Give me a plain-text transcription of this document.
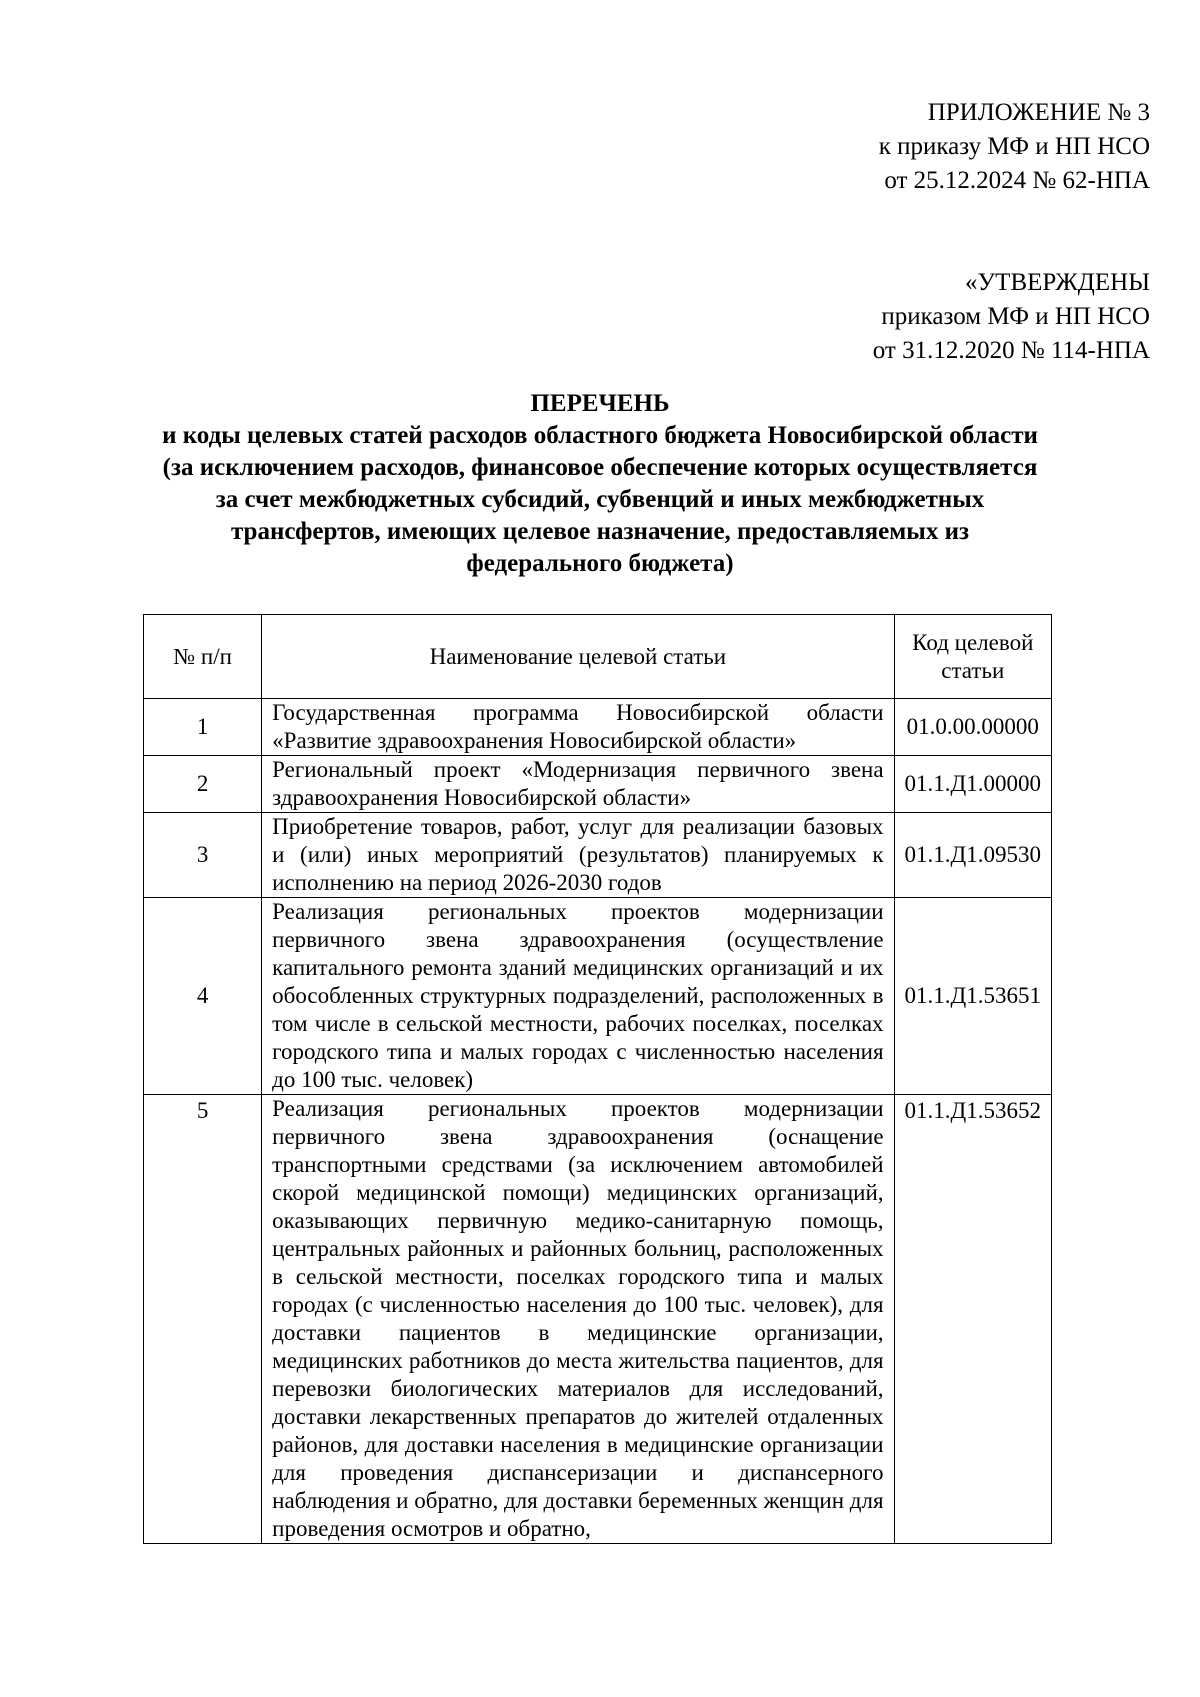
ПРИЛОЖЕНИЕ № 3
к приказу МФ и НП НСО
от 25.12.2024 № 62-НПА
«УТВЕРЖДЕНЫ
приказом МФ и НП НСО
от 31.12.2020 № 114-НПА
ПЕРЕЧЕНЬ
и коды целевых статей расходов областного бюджета Новосибирской области
(за исключением расходов, финансовое обеспечение которых осуществляется
за счет межбюджетных субсидий, субвенций и иных межбюджетных
трансфертов, имеющих целевое назначение, предоставляемых из
федерального бюджета)
№ п/п	Наименование целевой статьи	Код целевой статьи
1	Государственная программа Новосибирской области «Развитие здравоохранения Новосибирской области»	01.0.00.00000
2	Региональный проект «Модернизация первичного звена здравоохранения Новосибирской области»	01.1.Д1.00000
3	Приобретение товаров, работ, услуг для реализации базовых и (или) иных мероприятий (результатов) планируемых к исполнению на период 2026-2030 годов	01.1.Д1.09530
4	Реализация региональных проектов модернизации первичного звена здравоохранения (осуществление капитального ремонта зданий медицинских организаций и их обособленных структурных подразделений, расположенных в том числе в сельской местности, рабочих поселках, поселках городского типа и малых городах с численностью населения до 100 тыс. человек)	01.1.Д1.53651
5	Реализация региональных проектов модернизации первичного звена здравоохранения (оснащение транспортными средствами (за исключением автомобилей скорой медицинской помощи) медицинских организаций, оказывающих первичную медико-санитарную помощь, центральных районных и районных больниц, расположенных в сельской местности, поселках городского типа и малых городах (с численностью населения до 100 тыс. человек), для доставки пациентов в медицинские организации, медицинских работников до места жительства пациентов, для перевозки биологических материалов для исследований, доставки лекарственных препаратов до жителей отдаленных районов, для доставки населения в медицинские организации для проведения диспансеризации и диспансерного наблюдения и обратно, для доставки беременных женщин для проведения осмотров и обратно,	01.1.Д1.53652
